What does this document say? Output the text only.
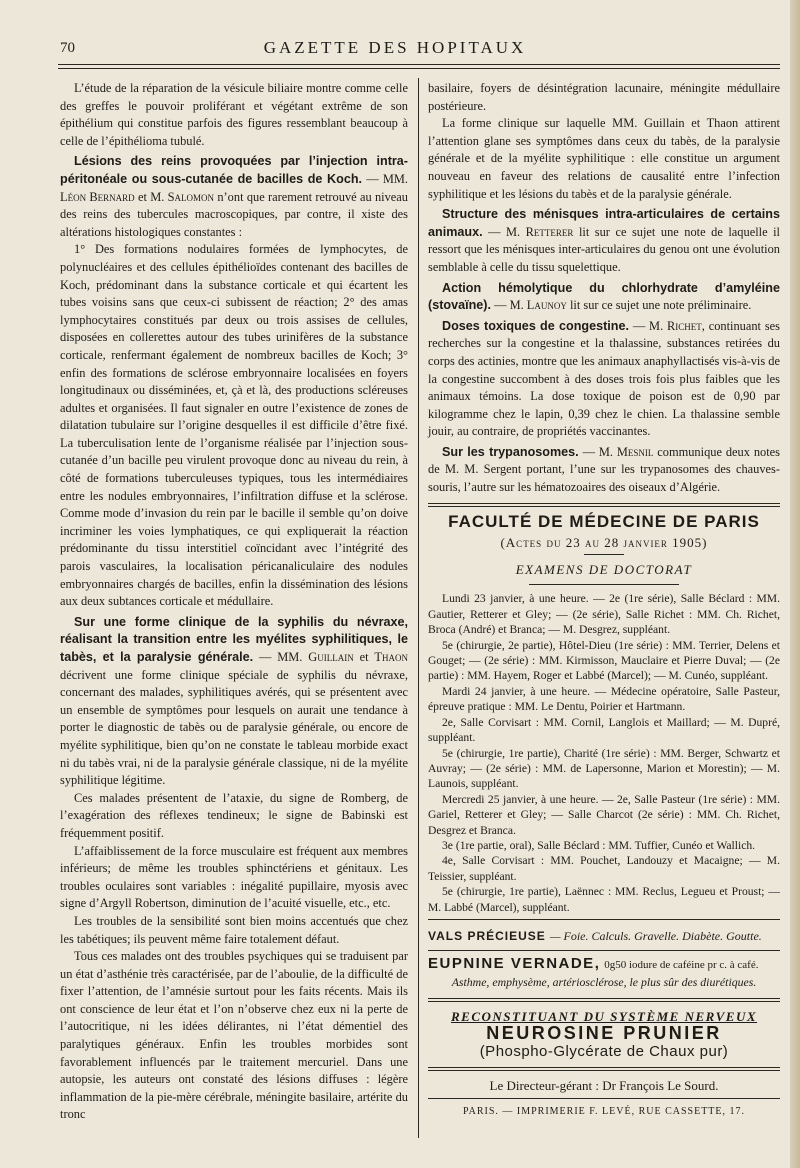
70	GAZETTE DES HOPITAUX

L’étude de la réparation de la vésicule biliaire montre comme celle des greffes le pouvoir proliférant et végétant extrême de son épithélium qui constitue parfois des figures ressemblant beaucoup à celle de l’épithélioma tubulé.

Lésions des reins provoquées par l’injection intra-péritonéale ou sous-cutanée de bacilles de Koch. — MM. Léon Bernard et M. Salomon n’ont que rarement retrouvé au niveau des reins des tubercules macroscopiques, par contre, il xiste des altérations histologiques constantes :

1° Des formations nodulaires formées de lymphocytes, de polynucléaires et des cellules épithélioïdes contenant des bacilles de Koch, prédominant dans la substance corticale et qui écartent les tubes voisins sans que ceux-ci subissent de réaction; 2° des amas lymphocytaires constitués par deux ou trois assises de cellules, disposées en collerettes autour des tubes urinifères de la substance corticale, renfermant également de nombreux bacilles de Koch; 3° enfin des formations de sclérose embryonnaire localisées en foyers longitudinaux ou disséminées, et, çà et là, des productions scléreuses adultes et organisées. Il faut signaler en outre l’existence de zones de dilatation tubulaire sur l’origine desquelles il est difficile d’être fixé. La tuberculisation lente de l’organisme réalisée par l’injection sous-cutanée d’un bacille peu virulent provoque donc au niveau du rein, à côté de formations tuberculeuses typiques, tous les intermédiaires entre les nodules embryonnaires, l’infiltration diffuse et la sclérose. Comme mode d’invasion du rein par le bacille il semble qu’on doive incriminer les voies lymphatiques, ce qui expliquerait la réaction prédominante du tissu interstitiel coïncidant avec l’intégrité des parois vasculaires, la localisation péricanaliculaire des nodules embryonnaires chargés de bacilles, enfin la dissémination des lésions aux deux subtances corticale et médullaire.

Sur une forme clinique de la syphilis du névraxe, réalisant la transition entre les myélites syphilitiques, le tabès, et la paralysie générale. — MM. Guillain et Thaon décrivent une forme clinique spéciale de syphilis du névraxe, concernant des malades, syphilitiques avérés, qui se présentent avec un ensemble de symptômes pour lesquels on aurait une tendance à porter le diagnostic de tabès ou de paralysie générale, ou encore de myélite syphilitique, bien qu’on ne constate le tableau morbide exact ni du tabès vrai, ni de la paralysie générale classique, ni de la myélite syphilitique légitime.

Ces malades présentent de l’ataxie, du signe de Romberg, de l’exagération des réflexes tendineux; le signe de Babinski est fréquemment positif.

L’affaiblissement de la force musculaire est fréquent aux membres inférieurs; de même les troubles sphinctériens et génitaux. Les troubles oculaires sont variables : inégalité pupillaire, myosis avec signe d’Argyll Robertson, diminution de l’acuité visuelle, etc., etc.

Les troubles de la sensibilité sont bien moins accentués que chez les tabétiques; ils peuvent même faire totalement défaut.

Tous ces malades ont des troubles psychiques qui se traduisent par un état d’asthénie très caractérisée, par de l’aboulie, de la difficulté de fixer l’attention, de l’amnésie surtout pour les faits récents. Mais ils ont conscience de leur état et l’on n’observe chez eux ni la perte de l’autocritique, ni les idées délirantes, ni l’état démentiel des paralytiques généraux. Enfin les troubles morbides sont favorablement influencés par le traitement mercuriel. Dans une autopsie, les auteurs ont constaté des lésions diffuses : légère inflammation de la pie-mère cérébrale, méningite basilaire, artérite du tronc

basilaire, foyers de désintégration lacunaire, méningite médullaire postérieure.

La forme clinique sur laquelle MM. Guillain et Thaon attirent l’attention glane ses symptômes dans ceux du tabès, de la paralysie générale et de la myélite syphilitique : elle constitue un argument nouveau en faveur des relations de causalité entre l’infection syphilitique et les lésions du tabès et de la paralysie générale.

Structure des ménisques intra-articulaires de certains animaux. — M. Retterer lit sur ce sujet une note de laquelle il ressort que les ménisques inter-articulaires du genou ont une évolution semblable à celle du tissu squelettique.

Action hémolytique du chlorhydrate d’amyléine (stovaïne). — M. Launoy lit sur ce sujet une note préliminaire.

Doses toxiques de congestine. — M. Richet, continuant ses recherches sur la congestine et la thalassine, substances retirées du corps des actinies, montre que les animaux anaphyllactisés vis-à-vis de la congestine succombent à des doses trois fois plus faibles que les animaux témoins. La dose toxique de poison est de 0,90 par kilogramme chez le lapin, 0,39 chez le chien. La thalassine semble jouir, au contraire, de propriétés vaccinantes.

Sur les trypanosomes. — M. Mesnil communique deux notes de M. M. Sergent portant, l’une sur les trypanosomes des chauves-souris, l’autre sur les hématozoaires des oiseaux d’Algérie.

FACULTÉ DE MÉDECINE DE PARIS
(Actes du 23 au 28 janvier 1905)
EXAMENS DE DOCTORAT

Lundi 23 janvier, à une heure. — 2e (1re série), Salle Béclard : MM. Gautier, Retterer et Gley; — (2e série), Salle Richet : MM. Ch. Richet, Broca (André) et Branca; — M. Desgrez, suppléant.

5e (chirurgie, 2e partie), Hôtel-Dieu (1re série) : MM. Terrier, Delens et Gouget; — (2e série) : MM. Kirmisson, Mauclaire et Pierre Duval; — (2e partie) : MM. Hayem, Roger et Labbé (Marcel); — M. Cunéo, suppléant.

Mardi 24 janvier, à une heure. — Médecine opératoire, Salle Pasteur, épreuve pratique : MM. Le Dentu, Poirier et Hartmann.

2e, Salle Corvisart : MM. Cornil, Langlois et Maillard; — M. Dupré, suppléant.

5e (chirurgie, 1re partie), Charité (1re série) : MM. Berger, Schwartz et Auvray; — (2e série) : MM. de Lapersonne, Marion et Morestin); — M. Launois, suppléant.

Mercredi 25 janvier, à une heure. — 2e, Salle Pasteur (1re série) : MM. Gariel, Retterer et Gley; — Salle Charcot (2e série) : MM. Ch. Richet, Desgrez et Branca.

3e (1re partie, oral), Salle Béclard : MM. Tuffier, Cunéo et Wallich.

4e, Salle Corvisart : MM. Pouchet, Landouzy et Macaigne; — M. Teissier, suppléant.

5e (chirurgie, 1re partie), Laënnec : MM. Reclus, Legueu et Proust; — M. Labbé (Marcel), suppléant.

VALS PRÉCIEUSE — Foie. Calculs. Gravelle. Diabète. Goutte.
EUPNINE VERNADE, 0g50 iodure de caféine pr c. à café.
Asthme, emphysème, artériosclérose, le plus sûr des diurétiques.
RECONSTITUANT DU SYSTÈME NERVEUX
NEUROSINE PRUNIER
(Phospho-Glycérate de Chaux pur)
Le Directeur-gérant : Dr François Le Sourd.
PARIS. — IMPRIMERIE F. LEVÉ, RUE CASSETTE, 17.
